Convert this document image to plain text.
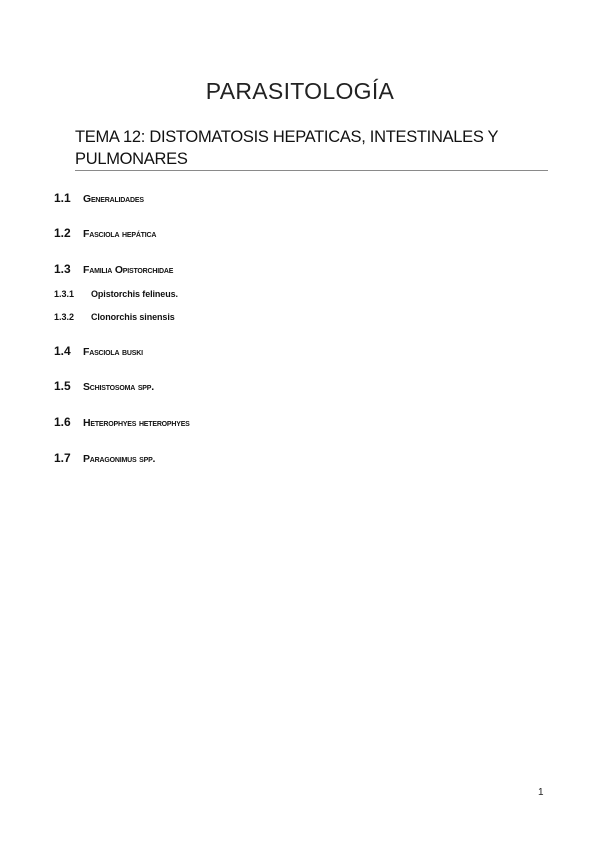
PARASITOLOGÍA
TEMA 12: DISTOMATOSIS HEPATICAS, INTESTINALES Y PULMONARES
1.1	Generalidades
1.2	Fasciola hepática
1.3	Familia Opistorchidae
1.3.1	Opistorchis felineus.
1.3.2	Clonorchis sinensis
1.4	Fasciola buski
1.5	Schistosoma spp.
1.6	Heterophyes heterophyes
1.7	Paragonimus spp.
1
